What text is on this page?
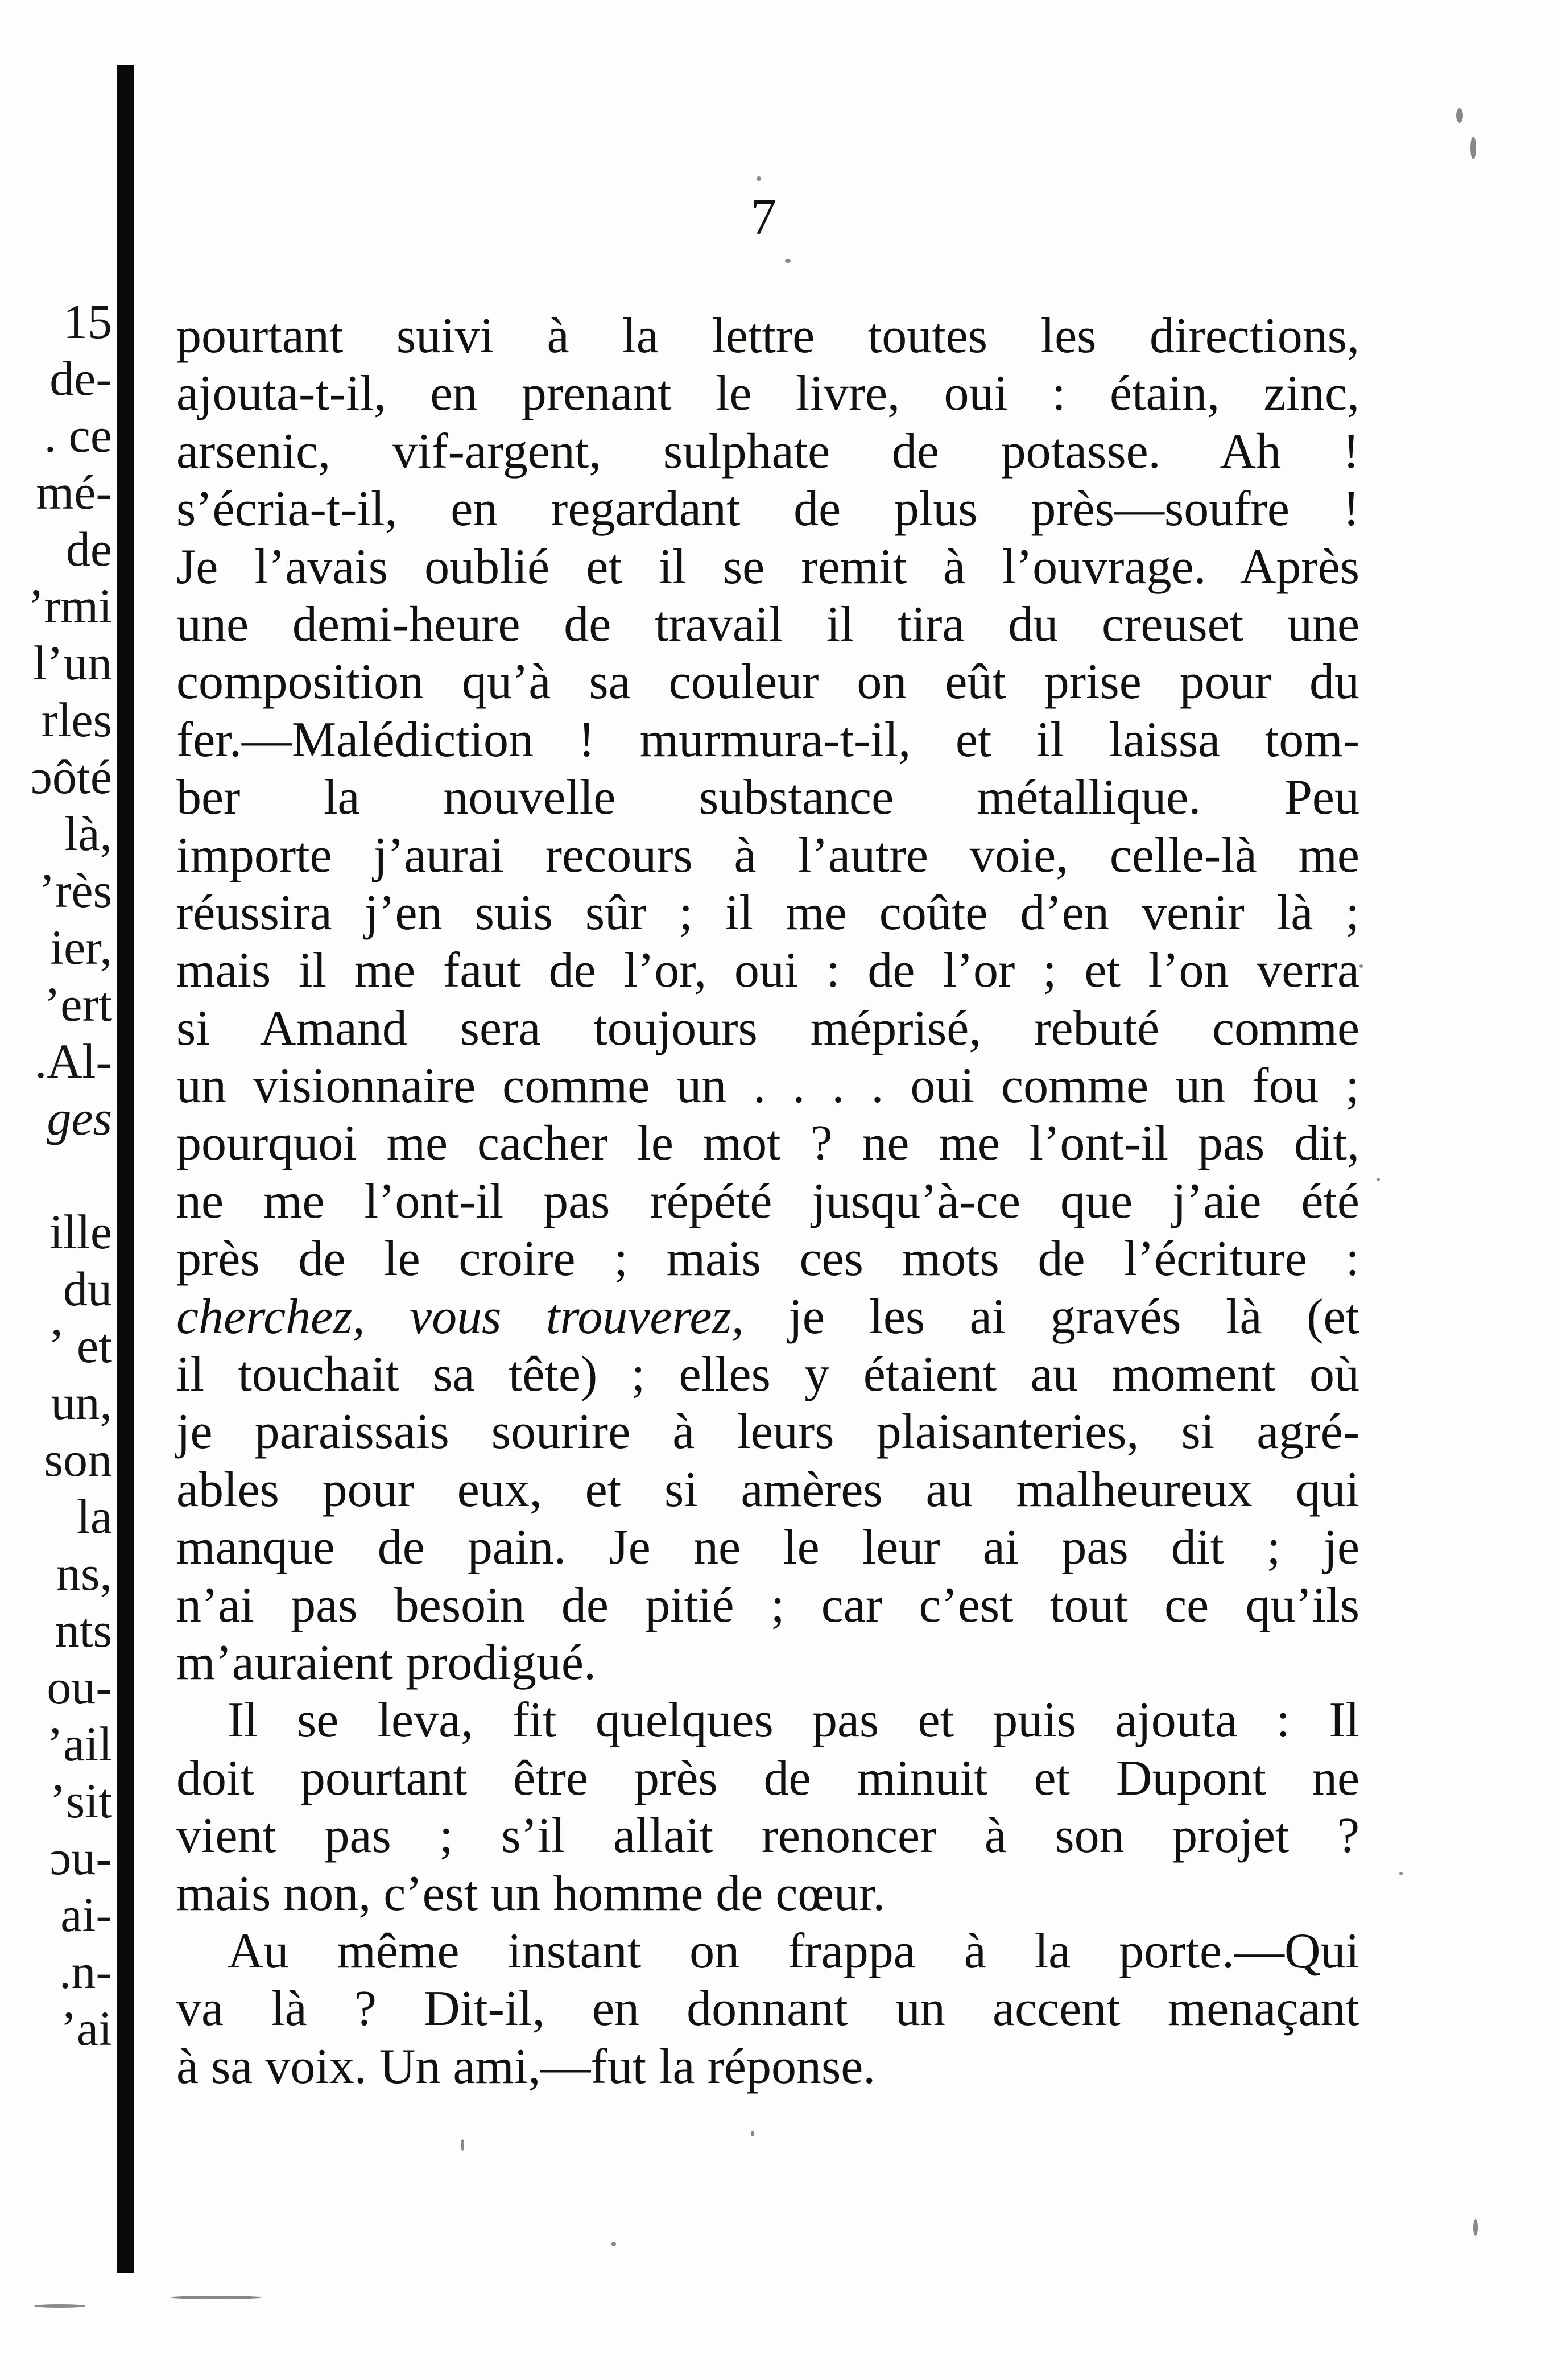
15
de-
. ce
mé-
de
ʼrmi
l’un
rles
ɔôté
là,
ʼrès
ier,
ʼert
.Al-
ges
ille
du
ʼ et
un,
son
la
ns,
nts
ou-
ʼail
ʼsit
ɔu-
ai-
.n-
ʼai
7
pourtant suivi à la lettre toutes les directions,
ajouta-t-il, en prenant le livre, oui : étain, zinc,
arsenic, vif-argent, sulphate de potasse. Ah !
s’écria-t-il, en regardant de plus près—soufre !
Je l’avais oublié et il se remit à l’ouvrage. Après
une demi-heure de travail il tira du creuset une
composition qu’à sa couleur on eût prise pour du
fer.—Malédiction ! murmura-t-il, et il laissa tom-
ber la nouvelle substance métallique. Peu
importe j’aurai recours à l’autre voie, celle-là me
réussira j’en suis sûr ; il me coûte d’en venir là ;
mais il me faut de l’or, oui : de l’or ; et l’on verra
si Amand sera toujours méprisé, rebuté comme
un visionnaire comme un . . . . oui comme un fou ;
pourquoi me cacher le mot ? ne me l’ont-il pas dit,
ne me l’ont-il pas répété jusqu’à-ce que j’aie été
près de le croire ; mais ces mots de l’écriture :
cherchez, vous trouverez, je les ai gravés là (et
il touchait sa tête) ; elles y étaient au moment où
je paraissais sourire à leurs plaisanteries, si agré-
ables pour eux, et si amères au malheureux qui
manque de pain. Je ne le leur ai pas dit ; je
n’ai pas besoin de pitié ; car c’est tout ce qu’ils
m’auraient prodigué.
Il se leva, fit quelques pas et puis ajouta : Il
doit pourtant être près de minuit et Dupont ne
vient pas ; s’il allait renoncer à son projet ?
mais non, c’est un homme de cœur.
Au même instant on frappa à la porte.—Qui
va là ? Dit-il, en donnant un accent menaçant
à sa voix. Un ami,—fut la réponse.
